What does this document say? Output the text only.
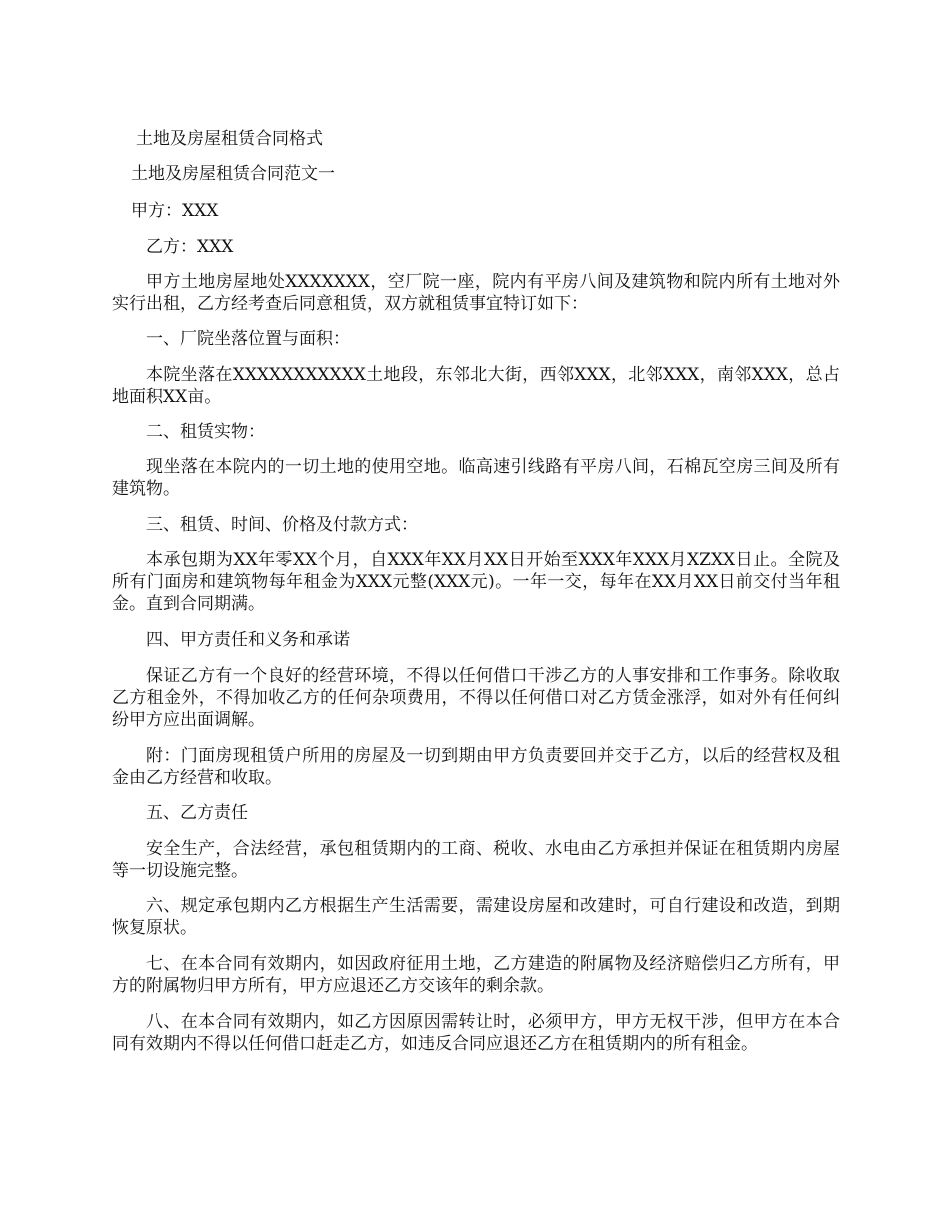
土地及房屋租赁合同格式

土地及房屋租赁合同范文一

甲方：XXX

乙方：XXX

甲方土地房屋地处XXXXXXX，空厂院一座，院内有平房八间及建筑物和院内所有土地对外实行出租，乙方经考查后同意租赁，双方就租赁事宜特订如下：

一、厂院坐落位置与面积：

本院坐落在XXXXXXXXXXX土地段，东邻北大街，西邻XXX，北邻XXX，南邻XXX，总占地面积XX亩。

二、租赁实物：

现坐落在本院内的一切土地的使用空地。临高速引线路有平房八间，石棉瓦空房三间及所有建筑物。

三、租赁、时间、价格及付款方式：

本承包期为XX年零XX个月，自XXX年XX月XX日开始至XXX年XXX月XZXX日止。全院及所有门面房和建筑物每年租金为XXX元整(XXX元)。一年一交，每年在XX月XX日前交付当年租金。直到合同期满。

四、甲方责任和义务和承诺

保证乙方有一个良好的经营环境，不得以任何借口干涉乙方的人事安排和工作事务。除收取乙方租金外，不得加收乙方的任何杂项费用，不得以任何借口对乙方赁金涨浮，如对外有任何纠纷甲方应出面调解。

附：门面房现租赁户所用的房屋及一切到期由甲方负责要回并交于乙方，以后的经营权及租金由乙方经营和收取。

五、乙方责任

安全生产，合法经营，承包租赁期内的工商、税收、水电由乙方承担并保证在租赁期内房屋等一切设施完整。

六、规定承包期内乙方根据生产生活需要，需建设房屋和改建时，可自行建设和改造，到期恢复原状。

七、在本合同有效期内，如因政府征用土地，乙方建造的附属物及经济赔偿归乙方所有，甲方的附属物归甲方所有，甲方应退还乙方交该年的剩余款。

八、在本合同有效期内，如乙方因原因需转让时，必须甲方，甲方无权干涉，但甲方在本合同有效期内不得以任何借口赶走乙方，如违反合同应退还乙方在租赁期内的所有租金。
